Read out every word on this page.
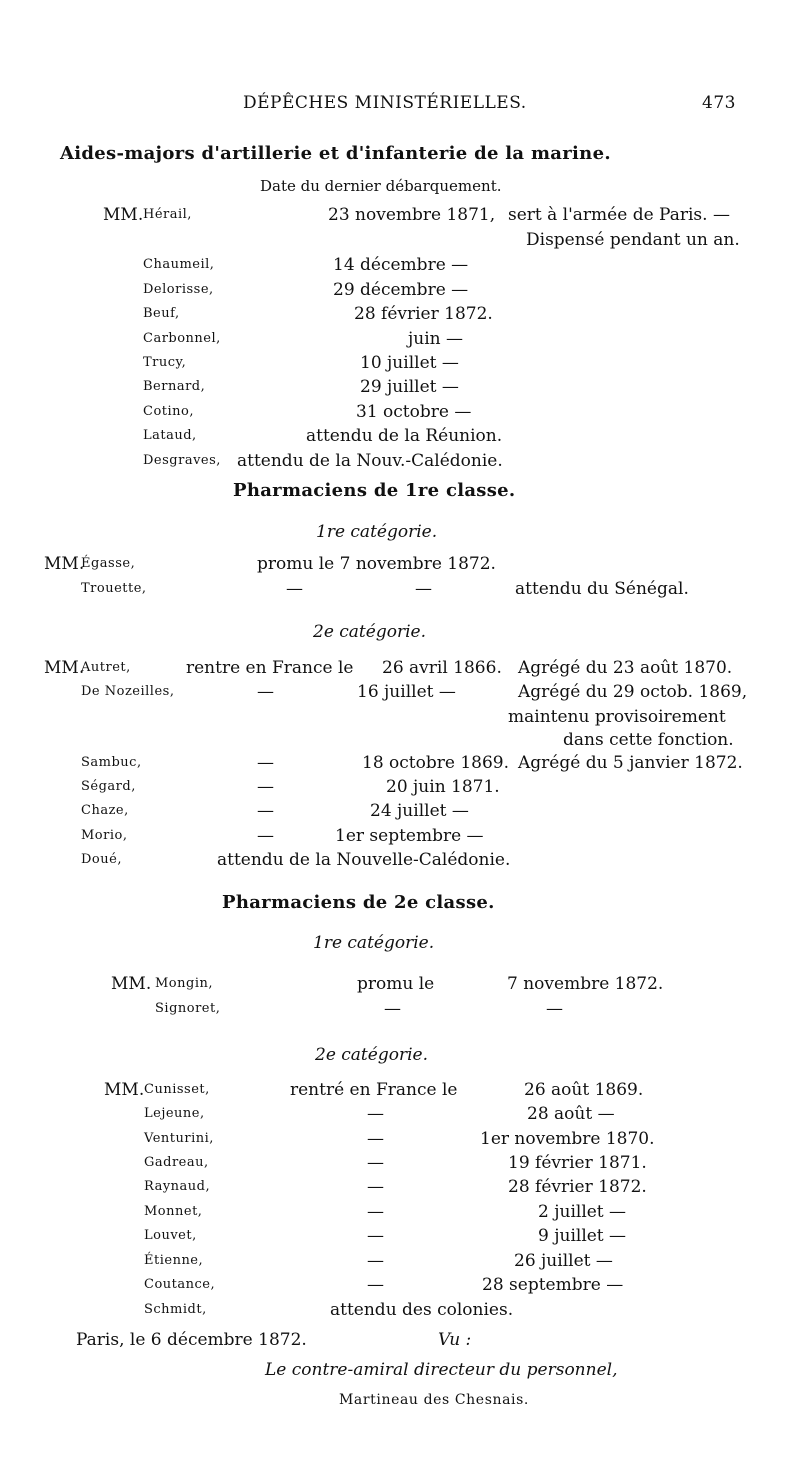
DÉPÊCHES MINISTÉRIELLES.	473
Aides-majors d'artillerie et d'infanterie de la marine.
Date du dernier débarquement.
MM. Hérail,	23 novembre 1871, sert à l'armée de Paris. —
Dispensé pendant un an.
Chaumeil,	14 décembre —
Delorisse,	29 décembre —
Beuf,	28 février 1872.
Carbonnel,	juin —
Trucy,	10 juillet —
Bernard,	29 juillet —
Cotino,	31 octobre —
Lataud,	attendu de la Réunion.
Desgraves, attendu de la Nouv.-Calédonie.
Pharmaciens de 1re classe.
1re catégorie.
MM.
Égasse,	promu le 7 novembre 1872.
Trouette,	—	—	attendu du Sénégal.
2e catégorie.
MM.
Autret,	rentre en France le 26 avril 1866. Agrégé du 23 août 1870.
De Nozeilles,	—	16 juillet —	Agrégé du 29 octob. 1869,
maintenu provisoirement
dans cette fonction.
Sambuc,	—	18 octobre 1869. Agrégé du 5 janvier 1872.
Ségard,	—	20 juin 1871.
Chaze,	—	24 juillet —
Morio,	—	1er septembre —
Doué,	attendu de la Nouvelle-Calédonie.
Pharmaciens de 2e classe.
1re catégorie.
MM. Mongin,	promu le	7 novembre 1872.
Signoret,	—	—
2e catégorie.
MM. Cunisset,	rentré en France le	26 août 1869.
Lejeune,	—	28 août —
Venturini,	—	1er novembre 1870.
Gadreau,	—	19 février 1871.
Raynaud,	—	28 février 1872.
Monnet,	—	2 juillet —
Louvet,	—	9 juillet —
Étienne,	—	26 juillet —
Coutance,	—	28 septembre —
Schmidt,	attendu des colonies.
Paris, le 6 décembre 1872.	Vu :
Le contre-amiral directeur du personnel,
Martineau des Chesnais.
